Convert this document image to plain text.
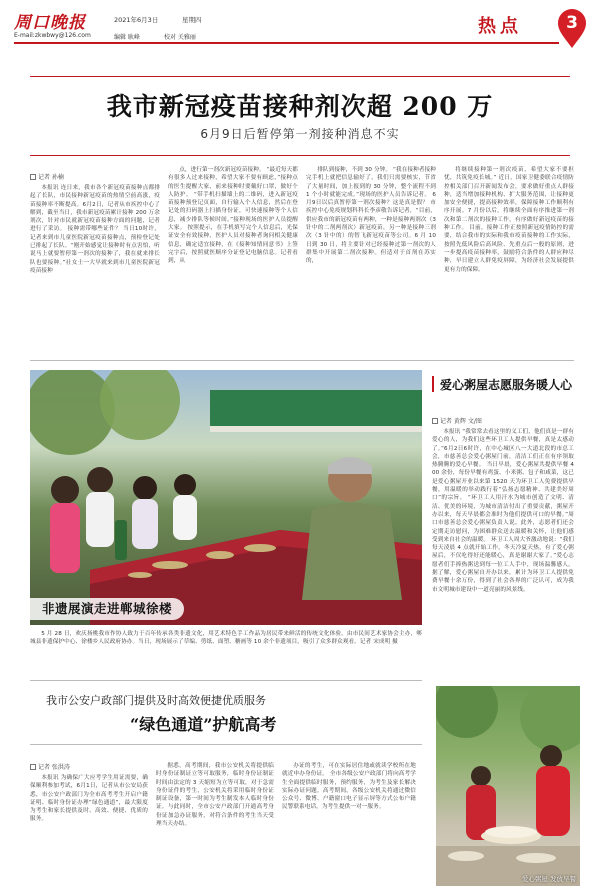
周口晚报
E-mail:zkwbwy@126.com
2021年6月3日	星期四
编辑 耿峰	校对 关雅丽
热点	3
我市新冠疫苗接种剂次超 200 万
6月9日后暂停第一剂接种消息不实
记者 孙楠

本报讯 连日来，我市各个新冠疫苗接种点都排起了长队，市民接种新冠疫苗的热情空前高涨，疫苗接种率不断提高。6月2日，记者从市疾控中心了解到，截至当日，我市新冠疫苗累计接种 200 万余剂次，针对市民就新冠疫苗接种方面的问题，记者进行了采访。 接种需带哪些证件？ 当日10时许，记者来到市儿童医院新冠疫苗接种点，预检登记处已排起了长队。“刚开始感觉让接种时有点害怕，听说马上就要暂停第一剂次的接种了，我在就来排长队也要接种。”社女士一大早就来到市儿童医院新冠疫苗接种

点，进行第一剂次新冠疫苗接种。 “最近每天都有很多人过来接种，希望大家不要有顾虑，”接种点的医生提醒大家，前来接种时要戴好口罩，做好个人防护。 “带手机扫描墙上的二维码，进入新冠疫苗接种预登记页面，自行输入个人信息，然后在登记处的扫码器上扫描身份证，可快速接种等个人信息，减少排队等候时间。”接种现场的医护人员提醒大家。 按照提示，在手机填写完个人信息后，光保证安全有效接种，医护人员对接种者询问相关健康信息，确定适宜接种，在《接种知情同意书》上签完字后，按照就医顺序分证登记电脑信息。记者看到，从

排队到接种，不到 30 分钟。 “我在接种者接种完手机上就把信息输好了，我们只需要核实，节省了大量时间，加上报到的 30 分钟，整个流程不到 1 个小时就能完成。”现场的医护人员告诉记者。 6月9日以后真暂停第一剂次接种？这是真是假？ 市疾控中心免疫规划科科长李彦敬告诉记者，“目前，供应我市的新冠疫苗有两种，一种是接种两剂次（3 针中的二剂两剂次）新冠疫苗，另一种是接种三剂次（3 针中的）的智飞新冠疫苗等公司。6 月 10 日到 30 日，将主要针对已经接种过第一剂次的人群集中开展第二剂次接种。但适对于首剂在苏实的，

将继续接种第一剂次疫苗，希望大家不要担忧，共筑免疫长城。” 近日，国家卫健委联合疫情防控相关部门召开新闻发布会，要求做好重点人群接种，适当增加接种机构、扩大服务范围，让接种更加安全便捷，提高接种效率，保障接种工作顺利有序开展。7 月份以后，将继续全面有序推进第一剂次和第二剂次的接种工作，有序做好新冠疫苗的接种工作。 目前，接种工作正按照新冠疫情防控的需要，结合我市的实际和我市疫苗接种的工作实际，按照先低风险后高风险、先重点后一般的原则，进一步提高疫苗接种率，鼓励符合条件的人群应种尽种，早日建立人群免疫屏障，为经济社会发展提供更有力的保障。

非遗展演走进郸城徐楼

5 月 28 日，欢庆扬桃我市作协人致力于百年传承各类非遗文化，用艺术特色手工作品为居民带来鲜活的传统文化体验，由市民间艺术家协会主办，郸城县非遗保护中心、徐楼乡人民政府协办。当日，现场展示了草编、剪纸、面塑、糖画等 10 余个非遗项目，吸引了众多群众观看。记者 宋成明 摄

爱心粥屋志愿服务暖人心
记者 黄辉 文/图

本报讯 “我常常去看这里的义工们，他们真是一群有爱心的人，为我们这些环卫工人提供早餐，真是太感动了。”6月2日6时许，在中心城区八一大道北段的市总工会，市慈善总会爱心粥屋门前，清洁工们正在有序领取热腾腾的爱心早餐。 当日早晨，爱心粥屋共提供早餐 400 余份，每份早餐有鸡蛋、小米粥、包子和咸菜，这已是爱心粥屋开业以来第 1520 天为环卫工人免费提供早餐，用温暖的举动践行着“弘扬志愿精神、共建美好周口”的宗旨。 “环卫工人用汗水为城市创造了文明、清洁、优美的环境，为城市清洁付出了重要贡献，粥屋开办以来，每天早晨都会准时为他们提供可口的早餐。”周口市慈善总会爱心粥屋负责人说。此外，志愿者们还会定期走访慰问，为困难群众送去温暖和关怀，让他们感受到来自社会的温暖。 环卫工人周大爷激动地说：“我们每天凌晨 4 点就开始工作，冬天冷夏天热，有了爱心粥屋后，不仅吃得好还能暖心，真是谢谢大家了。”爱心志愿者们手捧热粥送到每一位工人手中，现场温馨感人。 据了解，爱心粥屋自开办以来，累计为环卫工人提供免费早餐十余万份，得到了社会各界的广泛认可，成为我市文明城市建设中一道亮丽的风景线。

我市公安户政部门提供及时高效便捷优质服务
“绿色通道”护航高考
记者 张洪涛

本报讯 为确保广大应考学生用证需要，确保顺利参加考试，6月1日，记者从市公安局获悉，市公安户政部门为全市高考考生开启户籍证明、临时身份证办理“绿色通道”，最大限度为考生和家长提供及时、高效、便捷、优质的服务。

据悉，高考期间，我市公安机关将提供临时身份证制证立等可取服务，临时身份证制证时间由法定的 3 天缩短为立等可取，对于急需身份证件的考生，公安机关将采用临时身份证制证设备，第一时间为考生制发本人临时身份证。与此同时，全市公安户政部门开通高考身份证加急办证服务，对符合条件的考生当天受理当天办结。

办证的考生，可在实际居住地或就读学校所在地就近申办身份证。 全市各级公安户政部门将向高考学生全面提供临时服务，预约服务，为考生及家长解决实际办证问题。高考期间，各级公安机关将通过微信公众号、微博、户籍窗口电子显示屏等方式公布户籍民警联系电话，为考生提供一对一服务。

爱心粥屋 发放早餐
